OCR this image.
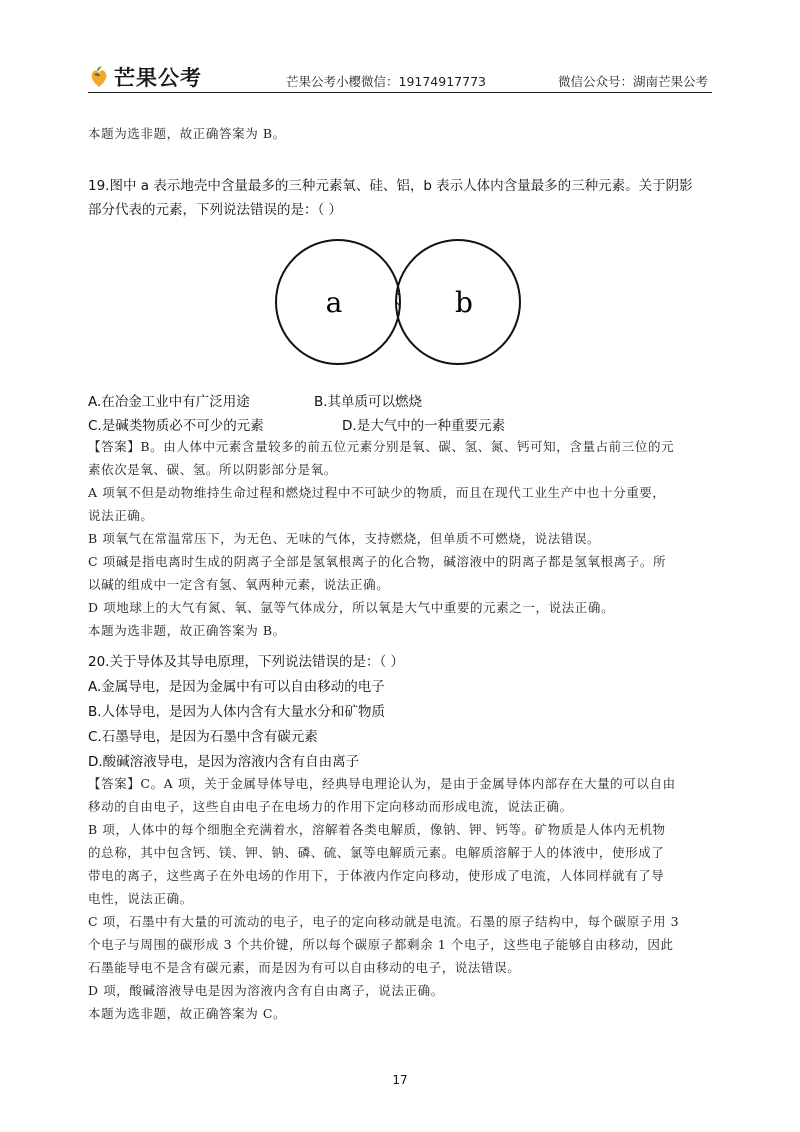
芒果公考	芒果公考小樱微信：19174917773	微信公众号：湖南芒果公考
本题为选非题，故正确答案为 B。
19.图中 a 表示地壳中含量最多的三种元素氧、硅、铝，b 表示人体内含量最多的三种元素。关于阴影
部分代表的元素，下列说法错误的是：（ ）
a	b
A.在冶金工业中有广泛用途	B.其单质可以燃烧
C.是碱类物质必不可少的元素	D.是大气中的一种重要元素
【答案】B。由人体中元素含量较多的前五位元素分别是氧、碳、氢、氮、钙可知，含量占前三位的元
素依次是氧、碳、氢。所以阴影部分是氧。
A 项氧不但是动物维持生命过程和燃烧过程中不可缺少的物质，而且在现代工业生产中也十分重要，
说法正确。
B 项氧气在常温常压下，为无色、无味的气体，支持燃烧，但单质不可燃烧，说法错误。
C 项碱是指电离时生成的阴离子全部是氢氧根离子的化合物，碱溶液中的阴离子都是氢氧根离子。所
以碱的组成中一定含有氢、氧两种元素，说法正确。
D 项地球上的大气有氮、氧、氩等气体成分，所以氧是大气中重要的元素之一，说法正确。
本题为选非题，故正确答案为 B。
20.关于导体及其导电原理，下列说法错误的是：（ ）
A.金属导电，是因为金属中有可以自由移动的电子
B.人体导电，是因为人体内含有大量水分和矿物质
C.石墨导电，是因为石墨中含有碳元素
D.酸碱溶液导电，是因为溶液内含有自由离子
【答案】C。A 项，关于金属导体导电，经典导电理论认为，是由于金属导体内部存在大量的可以自由
移动的自由电子，这些自由电子在电场力的作用下定向移动而形成电流，说法正确。
B 项，人体中的每个细胞全充满着水，溶解着各类电解质，像钠、钾、钙等。矿物质是人体内无机物
的总称，其中包含钙、镁、钾、钠、磷、硫、氯等电解质元素。电解质溶解于人的体液中，使形成了
带电的离子，这些离子在外电场的作用下，于体液内作定向移动，使形成了电流，人体同样就有了导
电性，说法正确。
C 项，石墨中有大量的可流动的电子，电子的定向移动就是电流。石墨的原子结构中，每个碳原子用 3
个电子与周围的碳形成 3 个共价键，所以每个碳原子都剩余 1 个电子，这些电子能够自由移动，因此
石墨能导电不是含有碳元素，而是因为有可以自由移动的电子，说法错误。
D 项，酸碱溶液导电是因为溶液内含有自由离子，说法正确。
本题为选非题，故正确答案为 C。
17
